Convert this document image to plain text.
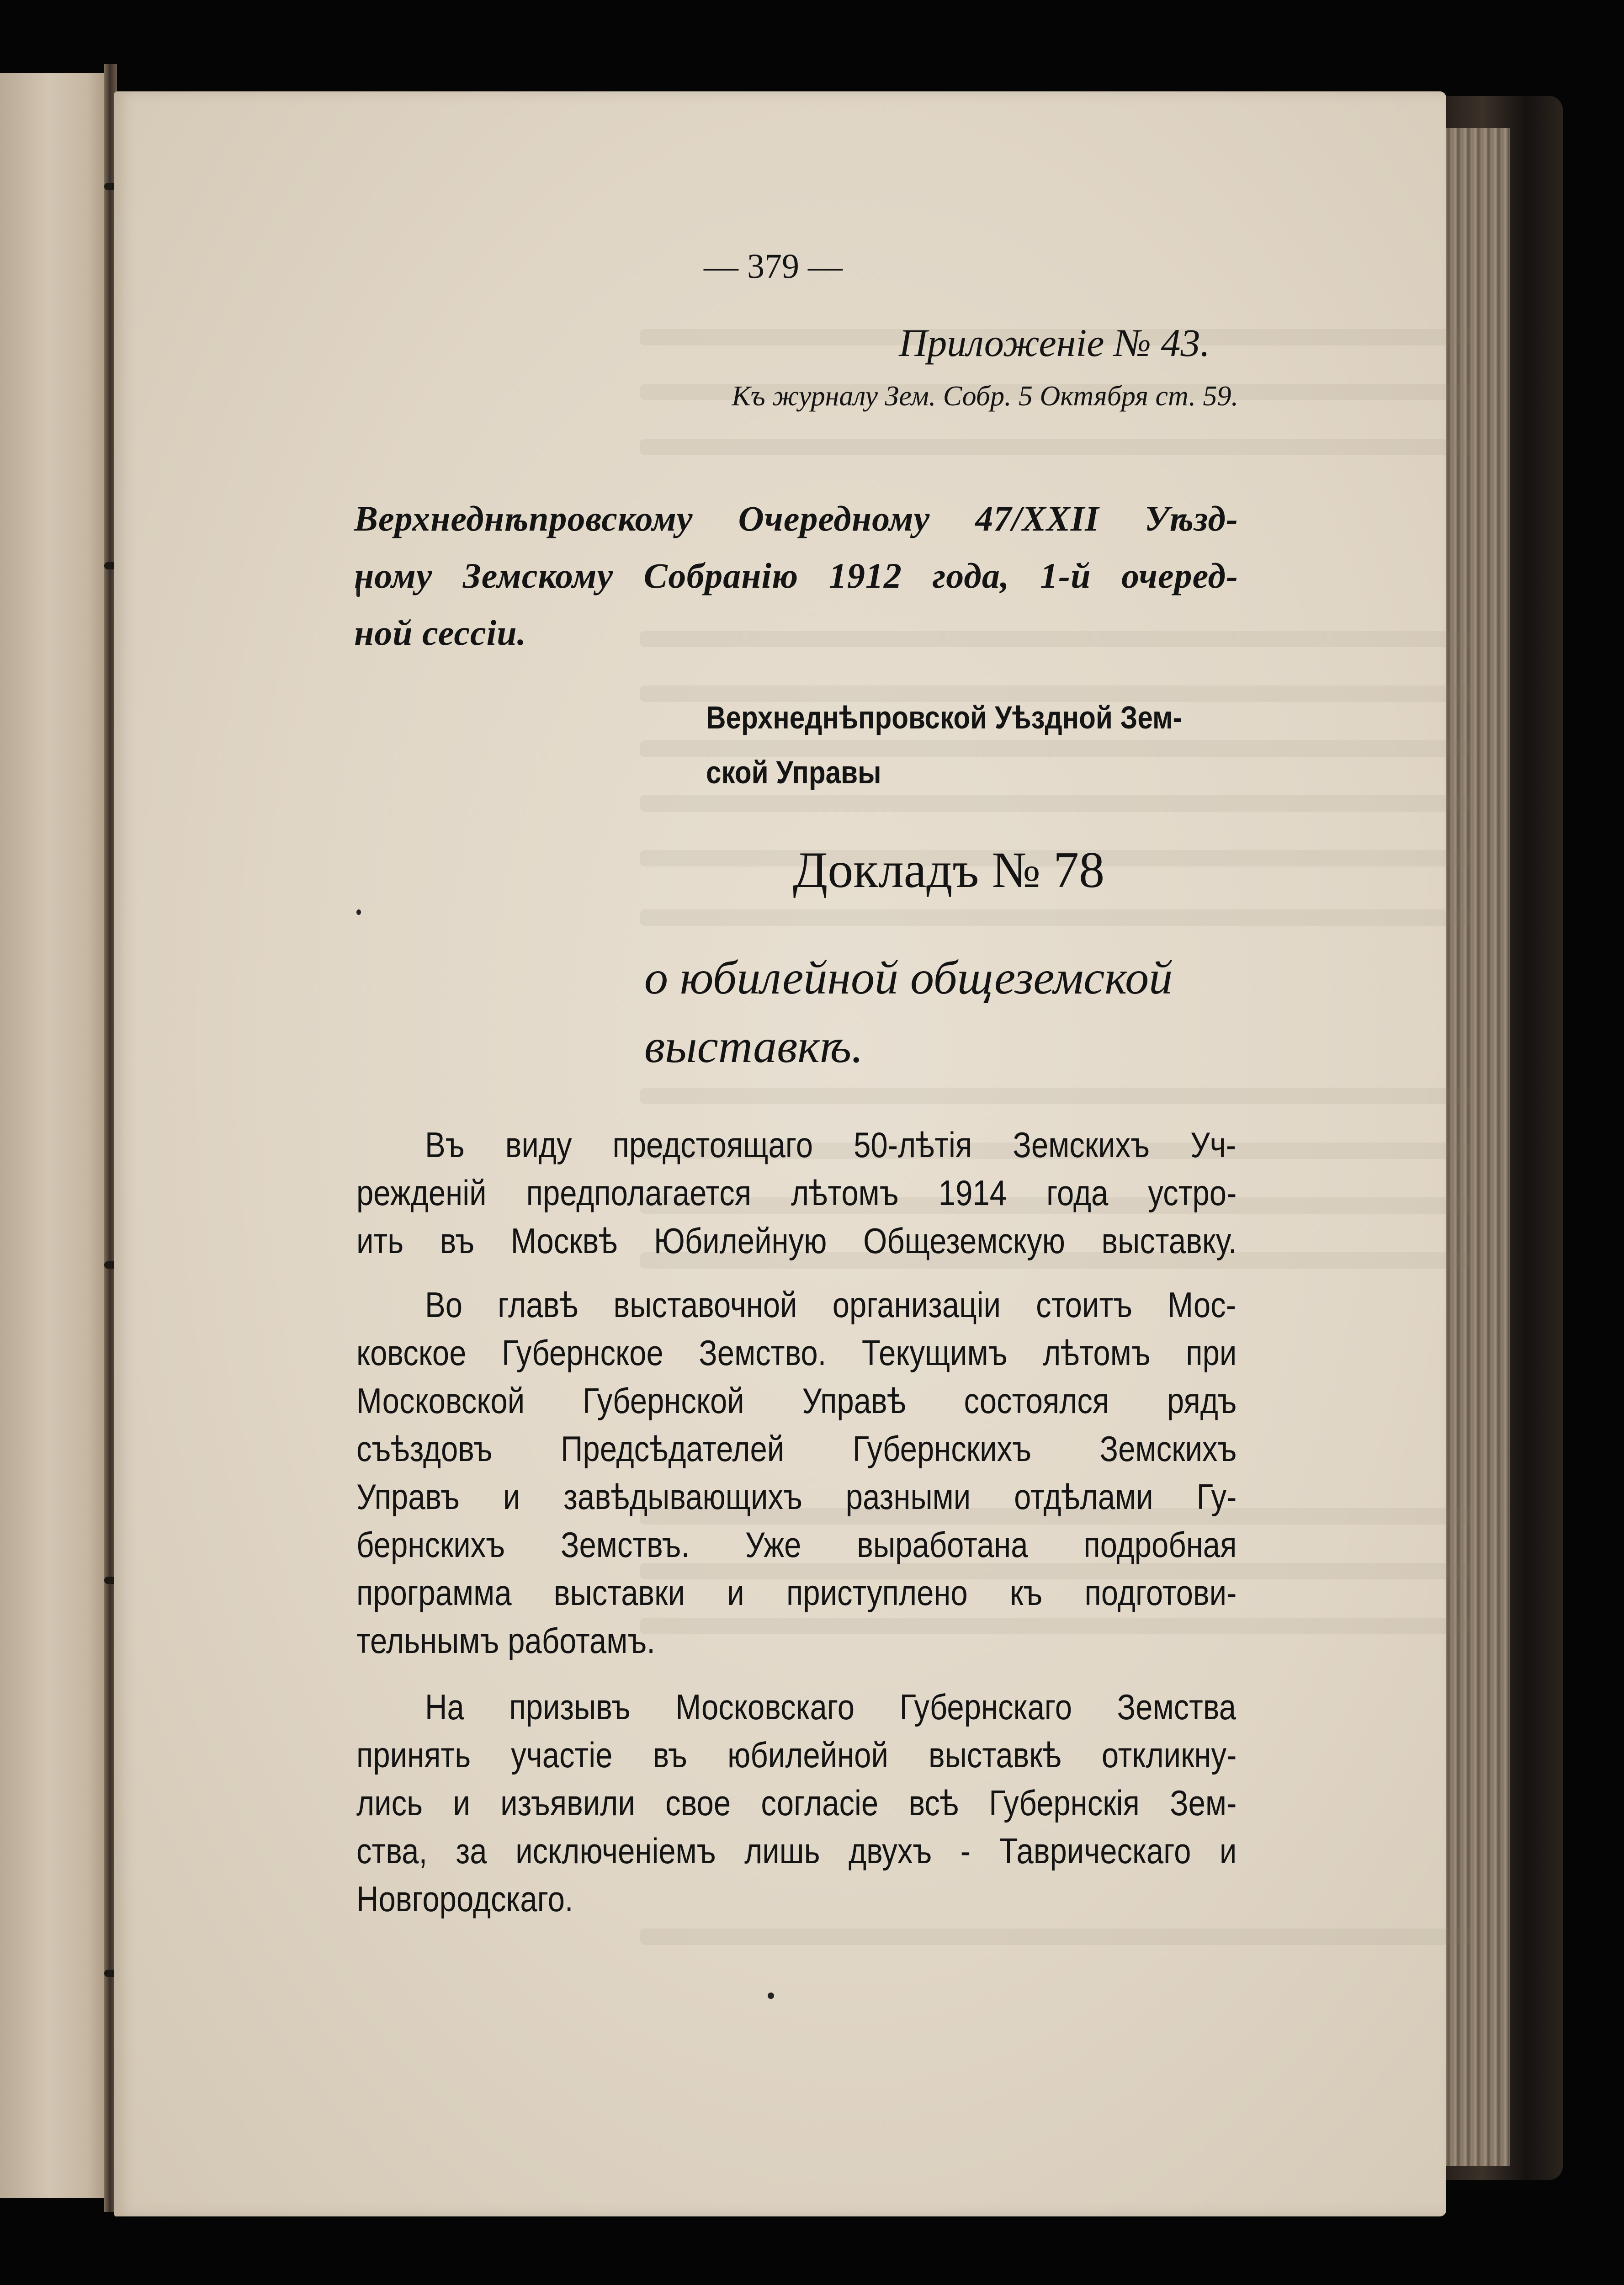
— 379 —
Приложенiе № 43.
Къ журналу Зем. Собр. 5 Октября ст. 59.
Верхнеднѣпровскому Очередному 47/XXII Уѣзд-
ному Земскому Собранiю 1912 года, 1-й очеред-
ной сессiи.
Верхнеднѣпровской Уѣздной Зем-
ской Управы
Докладъ № 78
о юбилейной общеземской
выставкѣ.
Въ виду предстоящаго 50-лѣтiя Земскихъ Уч-
режденiй предполагается лѣтомъ 1914 года устро-
ить въ Москвѣ Юбилейную Общеземскую выставку.
Во главѣ выставочной организацiи стоитъ Мос-
ковское Губернское Земство. Текущимъ лѣтомъ при
Московской Губернской Управѣ состоялся рядъ
съѣздовъ Предсѣдателей Губернскихъ Земскихъ
Управъ и завѣдывающихъ разными отдѣлами Гу-
бернскихъ Земствъ. Уже выработана подробная
программа выставки и приступлено къ подготови-
тельнымъ работамъ.
На призывъ Московскаго Губернскаго Земства
принять участiе въ юбилейной выставкѣ откликну-
лись и изъявили свое согласiе всѣ Губернскiя Зем-
ства, за исключенiемъ лишь двухъ - Таврическаго и
Новгородскаго.
